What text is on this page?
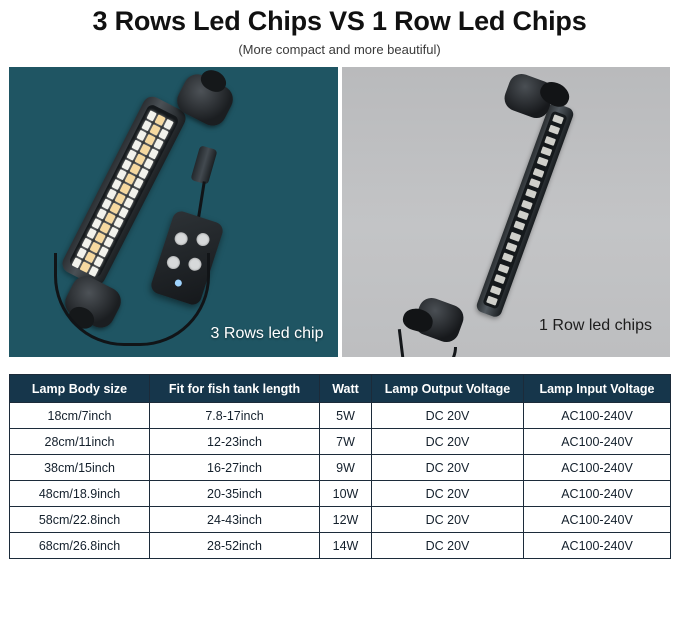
3 Rows Led Chips VS 1 Row Led Chips
(More compact and more beautiful)
3 Rows led chip	1 Row led chips
Lamp Body size	Fit for fish tank length	Watt	Lamp Output Voltage	Lamp Input Voltage
18cm/7inch	7.8-17inch	5W	DC 20V	AC100-240V
28cm/11inch	12-23inch	7W	DC 20V	AC100-240V
38cm/15inch	16-27inch	9W	DC 20V	AC100-240V
48cm/18.9inch	20-35inch	10W	DC 20V	AC100-240V
58cm/22.8inch	24-43inch	12W	DC 20V	AC100-240V
68cm/26.8inch	28-52inch	14W	DC 20V	AC100-240V
